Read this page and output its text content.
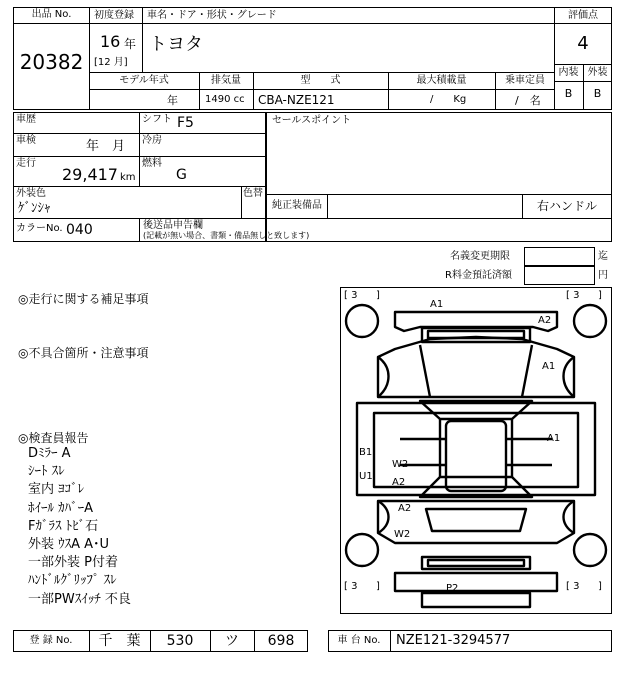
出品 No.
20382
初度登録 車名・ドア・形状・グレード
16 年
[12 月]
トヨタ
モデル年式	排気量	型　　式	最大積載量	乗車定員
年	1490 cc CBA-NZE121	/　　Kg	/　名
評価点
4
内装 外装
B	B
車歴	シフト F5
車検	年　月 冷房
走行
29,417 km
燃料
G
外装色
ｹﾞﾝｼｬ
色替
カラーNo. 040	後送品申告欄
(記載が無い場合、書類・備品無しと致します)
セールスポイント
純正装備品	右ハンドル
名義変更期限	迄
R料金預託済額	円
◎走行に関する補足事項
◎不具合箇所・注意事項
◎検査員報告
Dﾐﾗｰ A
ｼｰﾄ ｽﾚ
室内 ﾖｺﾞﾚ
ﾎｲｰﾙ ｶﾊﾞｰA
Fｶﾞﾗｽ ﾄﾋﾞ石
外装 ｳｽA A･U
一部外装 P付着
ﾊﾝﾄﾞﾙｸﾞﾘｯﾌﾟ ｽﾚ
一部PWｽｲｯﾁ 不良
[ 3	[ 3
[ 3	[ 3
]	]
]	]
A1
A2
A1
A1
B1
U1
W2
A2
A2
W2
P2
登 録 No.	千　葉	530	ツ	698	車 台 No.	NZE121-3294577
